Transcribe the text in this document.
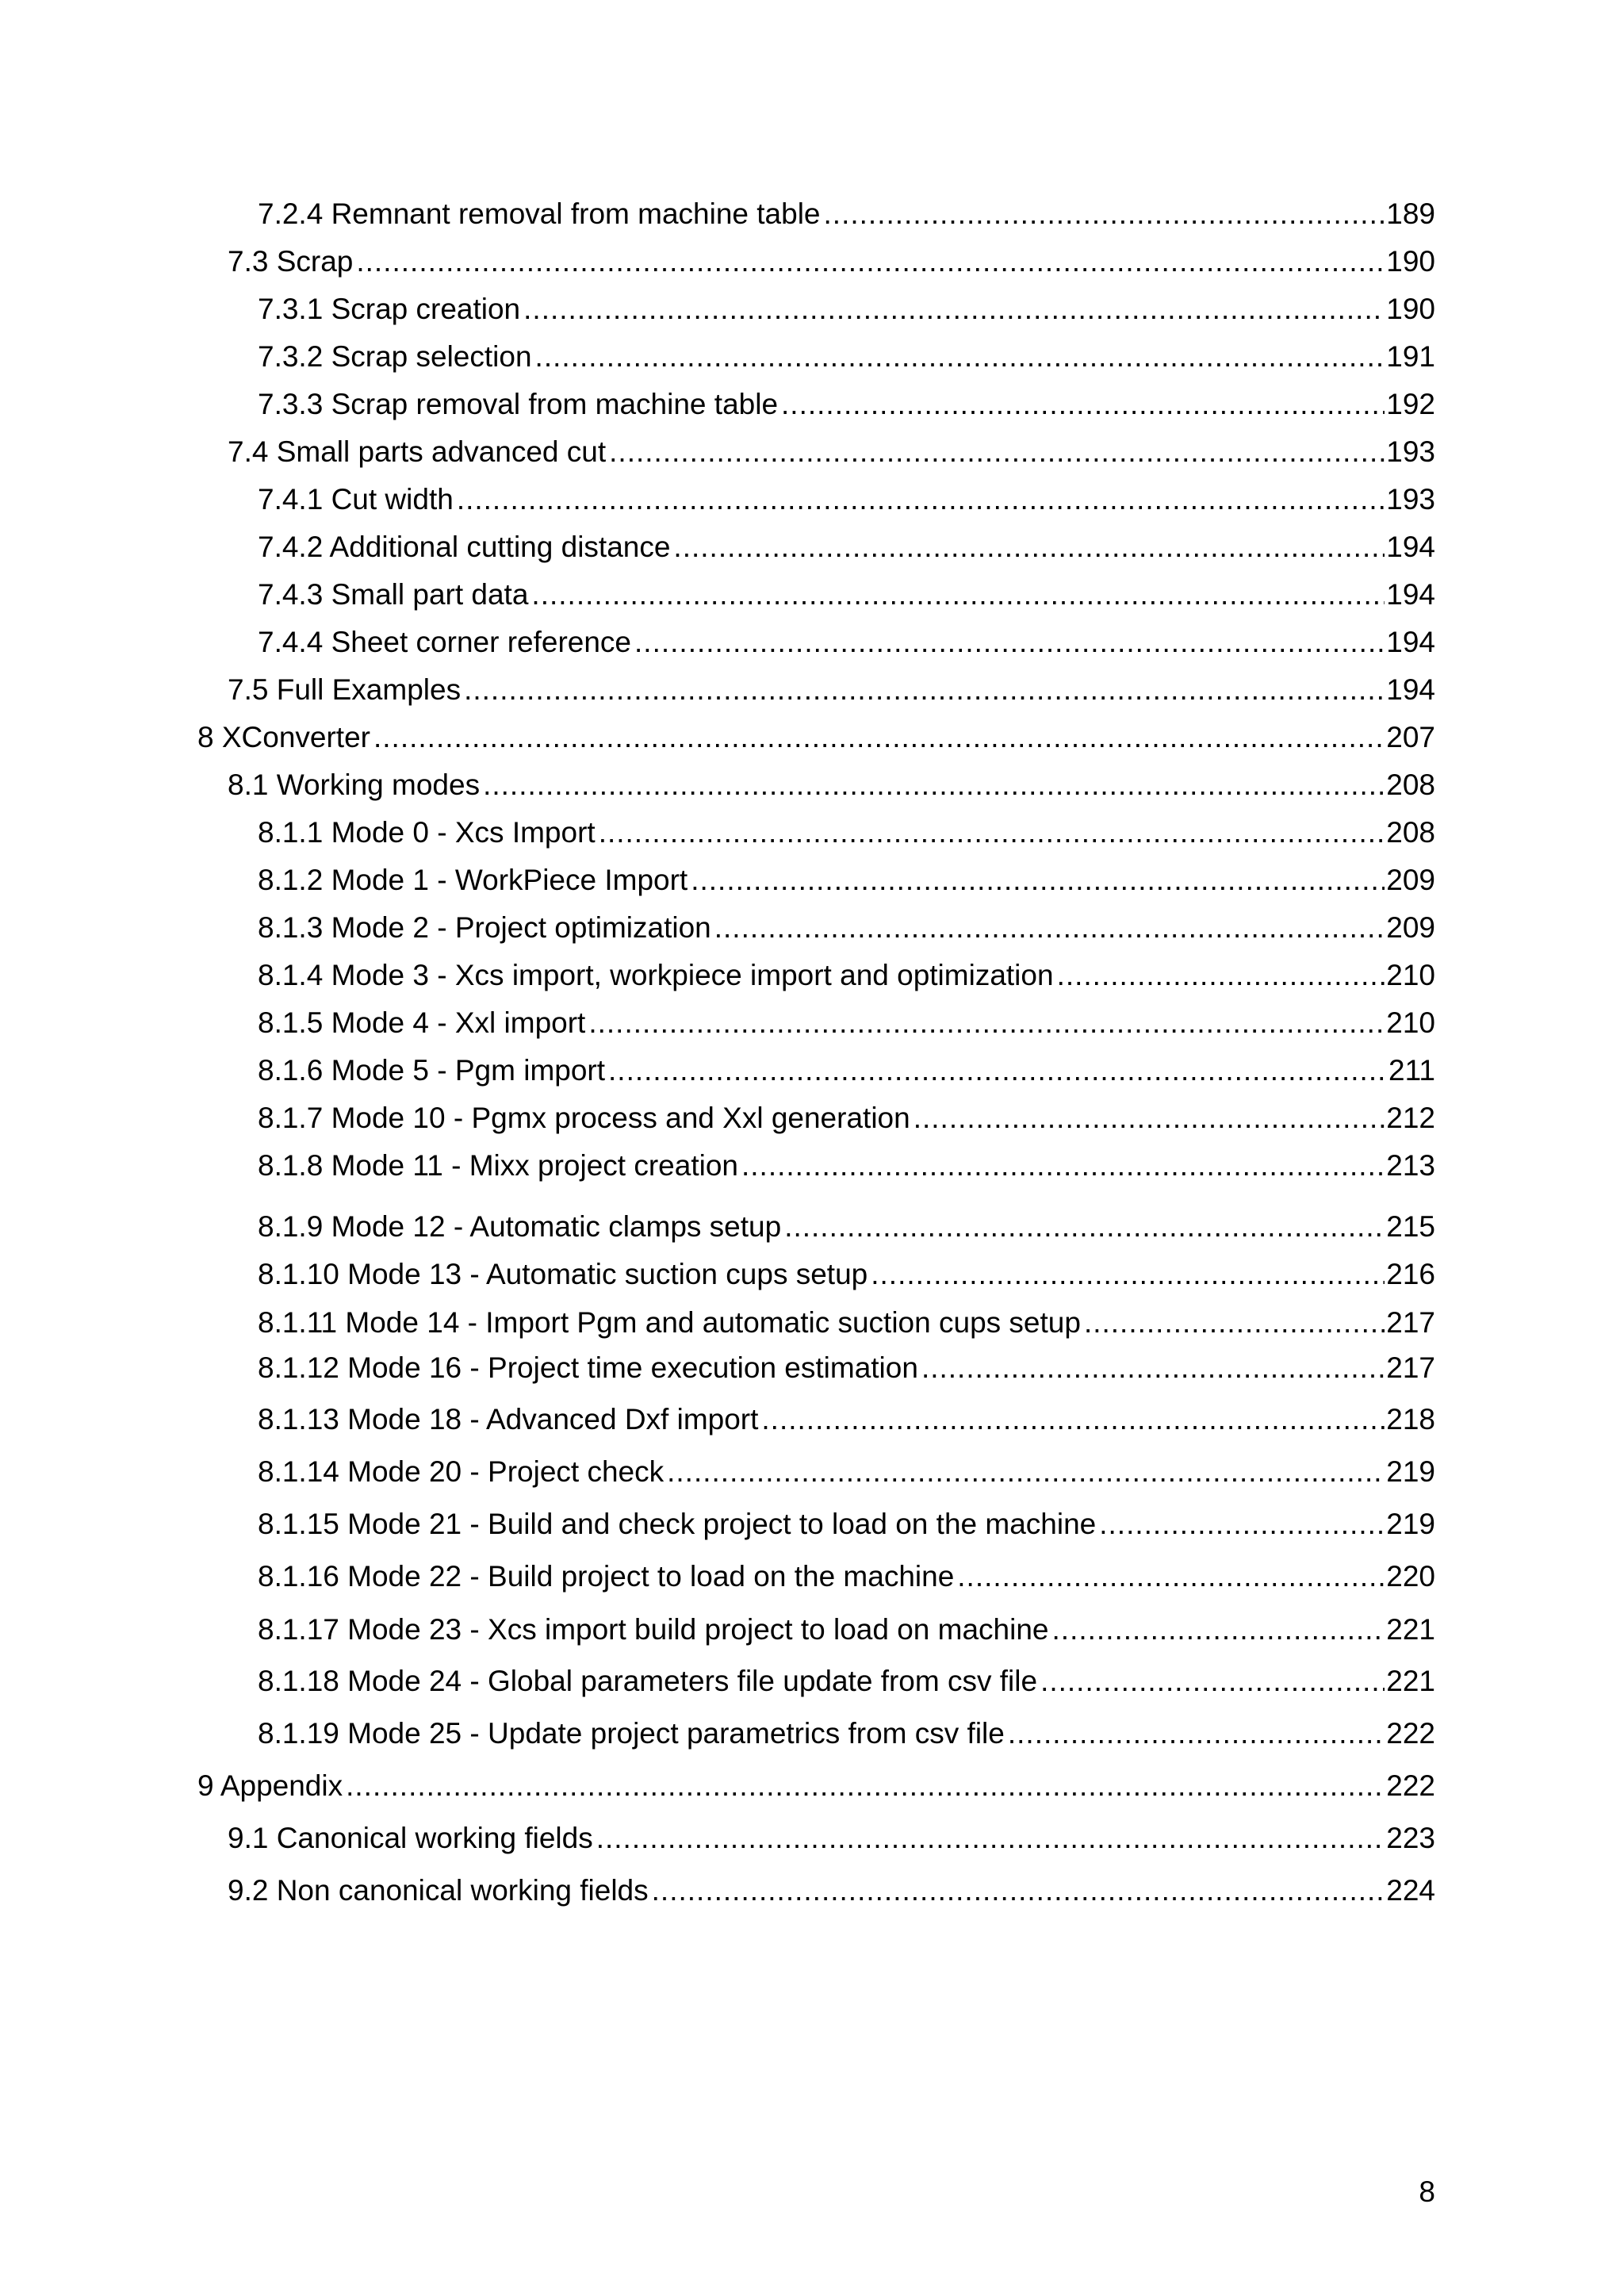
7.2.4 Remnant removal from machine table .....	189
7.3 Scrap .....	190
7.3.1 Scrap creation .....	190
7.3.2 Scrap selection .....	191
7.3.3 Scrap removal from machine table .....	192
7.4 Small parts advanced cut .....	193
7.4.1 Cut width .....	193
7.4.2 Additional cutting distance .....	194
7.4.3 Small part data .....	194
7.4.4 Sheet corner reference .....	194
7.5 Full Examples .....	194
8 XConverter .....	207
8.1 Working modes .....	208
8.1.1 Mode 0 - Xcs Import .....	208
8.1.2 Mode 1 - WorkPiece Import .....	209
8.1.3 Mode 2 - Project optimization .....	209
8.1.4 Mode 3 - Xcs import, workpiece import and optimization .....	210
8.1.5 Mode 4 - Xxl import .....	210
8.1.6 Mode 5 - Pgm import .....	211
8.1.7 Mode 10 - Pgmx process and Xxl generation .....	212
8.1.8 Mode 11 - Mixx project creation .....	213
8.1.9 Mode 12 - Automatic clamps setup .....	215
8.1.10 Mode 13 - Automatic suction cups setup .....	216
8.1.11 Mode 14 - Import Pgm and automatic suction cups setup .....	217
8.1.12 Mode 16 - Project time execution estimation .....	217
8.1.13 Mode 18 - Advanced Dxf import .....	218
8.1.14 Mode 20 - Project check .....	219
8.1.15 Mode 21 - Build and check project to load on the machine .....	219
8.1.16 Mode 22 - Build project to load on the machine .....	220
8.1.17 Mode 23 - Xcs import build project to load on machine .....	221
8.1.18 Mode 24 - Global parameters file update from csv file .....	221
8.1.19 Mode 25 - Update project parametrics from csv file .....	222
9 Appendix .....	222
9.1 Canonical working fields .....	223
9.2 Non canonical working fields .....	224
8
